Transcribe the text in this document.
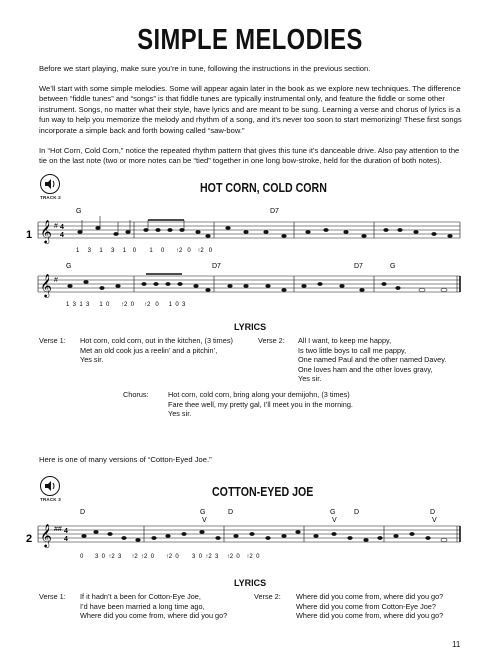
SIMPLE MELODIES
Before we start playing, make sure you’re in tune, following the instructions in the previous section.
We’ll start with some simple melodies. Some will appear again later in the book as we explore new techniques. The difference between “fiddle tunes” and “songs” is that fiddle tunes are typically instrumental only, and feature the fiddle or some other instrument. Songs, no matter what their style, have lyrics and are meant to be sung. Learning a verse and chorus of lyrics is a fun way to help you memorize the melody and rhythm of a song, and it’s never too soon to start memorizing! These first songs incorporate a simple back and forth bowing called “saw-bow.”
In “Hot Corn, Cold Corn,” notice the repeated rhythm pattern that gives this tune it’s danceable drive. Also pay attention to the tie on the last note (two or more notes can be “tied” together in one long bow-stroke, held for the duration of both notes).
TRACK 2
HOT CORN, COLD CORN
1 𝄞 # 4
4
G	D7
1     3     1     3     1    0        1     0       ↑2   0    ↑2   0
𝄞 #
G	D7	D7	G
1  3  1  3      1  0       ↑2  0      ↑2   0      1  0  3
LYRICS
Verse 1: Hot corn, cold corn, out in the kitchen, (3 times)
Met an old cook jus a reelin’ and a pitchin’,
Yes sir.
Verse 2: All I want, to keep me happy,
Is two little boys to call me pappy,
One named Paul and the other named Davey.
One loves ham and the other loves gravy,
Yes sir.
Chorus:	Hot corn, cold corn, bring along your demijohn, (3 times)
Fare thee well, my pretty gal, I’ll meet you in the morning.
Yes sir.
Here is one of many versions of “Cotton-Eyed Joe.”
TRACK 3
COTTON-EYED JOE
2 𝄞 ## 4
4
D	G	D	G	D	D
V	V	V
0       3  0  ↑2  3      ↑2  ↑2  0       ↑2  0        3  0  ↑2  3     ↑2  0    ↑2  0
LYRICS
Verse 1: If it hadn’t a been for Cotton-Eye Joe,
I’d have been married a long time ago,
Where did you come from, where did you go?
Verse 2: Where did you come from, where did you go?
Where did you come from Cotton-Eye Joe?
Where did you come from, where did you go?
11
